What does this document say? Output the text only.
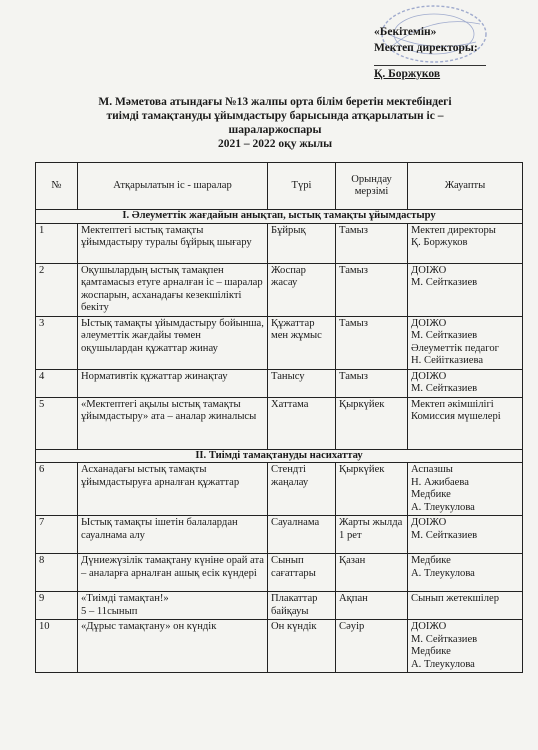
«Бекітемін»
Мектеп директоры:
Қ. Боржуков
М. Мәметова атындағы №13 жалпы орта білім беретін мектебіндегі
тиімді тамақтануды ұйымдастыру барысында атқарылатын іс –
шараларжоспары
2021 – 2022 оқу жылы
№	Атқарылатын іс - шаралар	Түрі	Орындау мерзімі	Жауапты
І. Әлеуметтік жағдайын анықтап, ыстық тамақты ұйымдастыру				
1	Мектептегі ыстық тамақты ұйымдастыру туралы бұйрық шығару	Бұйрық	Тамыз	Мектеп директоры
Қ. Боржуков
2	Оқушылардың ыстық тамақпен қамтамасыз етуге арналған іс – шаралар жоспарын, асханадағы кезекшілікті бекіту	Жоспар жасау	Тамыз	ДОІЖО
М. Сейтказиев
3	Ыстық тамақты ұйымдастыру бойынша, әлеуметтік жағдайы төмен оқушылардан құжаттар жинау	Құжаттар мен жұмыс	Тамыз	ДОІЖО
М. Сейтказиев
Әлеуметтік педагог
Н. Сейіткaзиева
4	Нормативтік құжаттар жинақтау	Танысу	Тамыз	ДОІЖО
М. Сейтказиев
5	«Мектептегі ақылы ыстық тамақты ұйымдастыру» ата – аналар жиналысы	Хаттама	Қыркүйек	Мектеп әкімшілігі
Комиссия мүшелері
ІІ. Тиімді тамақтануды насихаттау				
6	Асханадағы ыстық тамақты ұйымдастыруға арналған құжаттар	Стендті жаңалау	Қыркүйек	Аспазшы
Н. Ажибаева
Медбике
А. Тлеукулова
7	Ыстық тамақты ішетін балалардан сауалнама алу	Сауалнама	Жарты жылда 1 рет	ДОІЖО
М. Сейтказиев
8	Дүниежүзілік тамақтану күніне орай ата – аналарға арналған ашық есік күндері	Сынып сағаттары	Қазан	Медбике
А. Тлеукулова
9	«Тиімді тамақтан!»
5 – 11сынып	Плакаттар байқауы	Ақпан	Сынып жетекшілер
10	«Дұрыс тамақтану» он күндік	Он күндік	Сәуір	ДОІЖО
М. Сейтказиев
Медбике
А. Тлеукулова
